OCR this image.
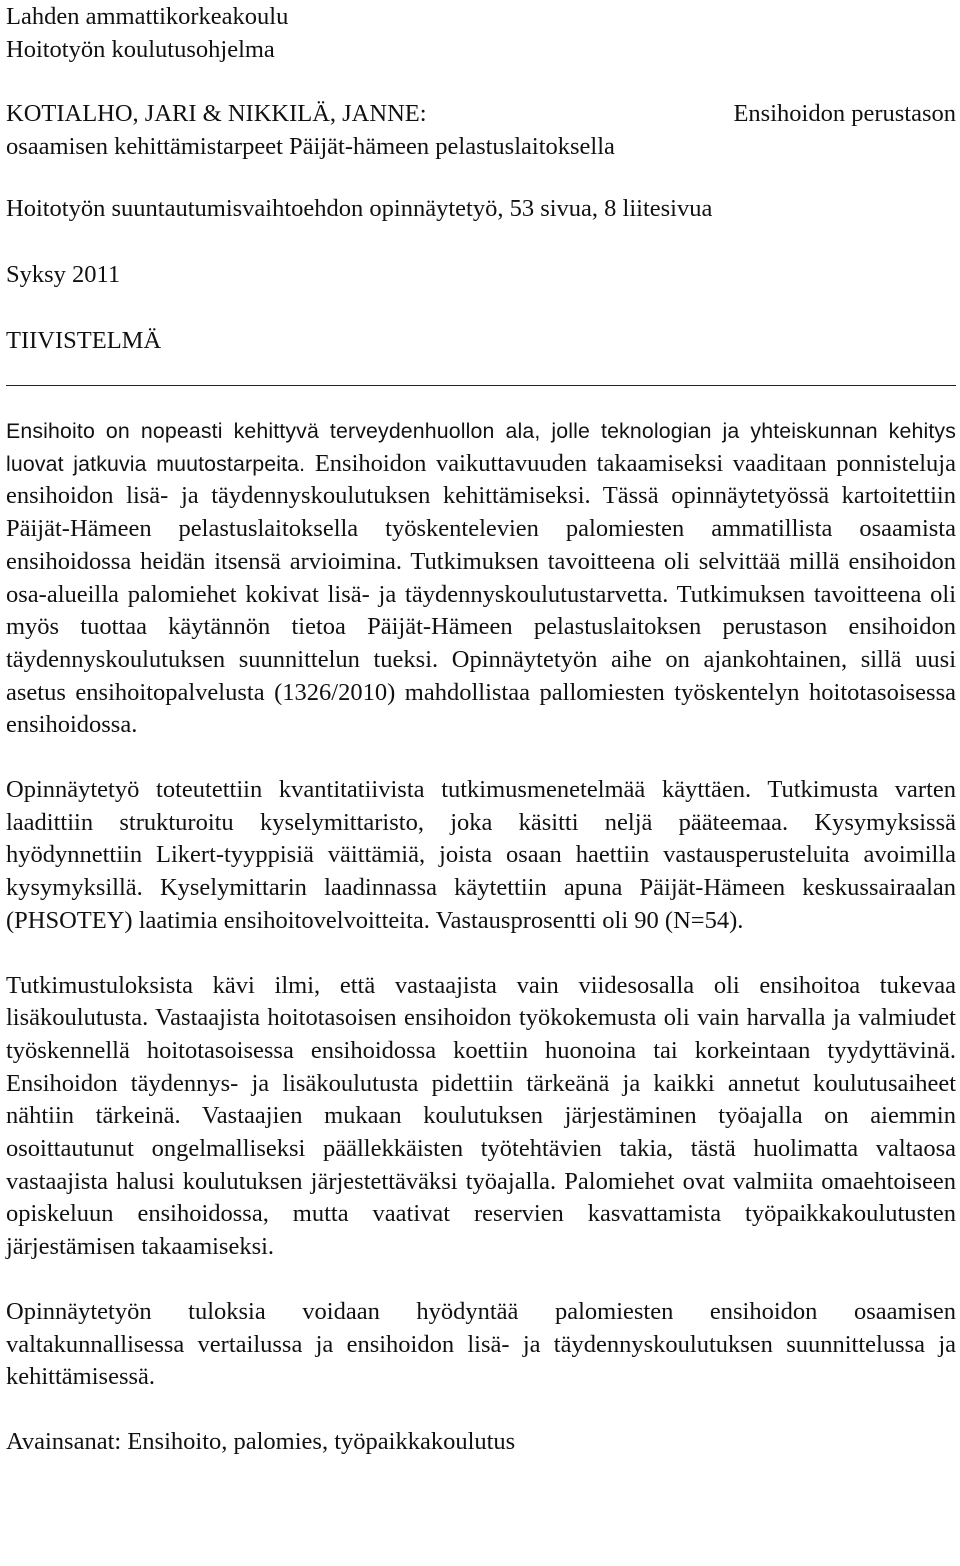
Lahden ammattikorkeakoulu
Hoitotyön koulutusohjelma
KOTIALHO, JARI & NIKKILÄ, JANNE:	Ensihoidon perustason
osaamisen kehittämistarpeet Päijät-hämeen pelastuslaitoksella
Hoitotyön suuntautumisvaihtoehdon opinnäytetyö, 53 sivua, 8 liitesivua
Syksy 2011
TIIVISTELMÄ

Ensihoito on nopeasti kehittyvä terveydenhuollon ala, jolle teknologian ja yhteiskunnan kehitys luovat jatkuvia muutostarpeita. Ensihoidon vaikuttavuuden takaamiseksi vaaditaan ponnisteluja ensihoidon lisä- ja täydennyskoulutuksen kehittämiseksi. Tässä opinnäytetyössä kartoitettiin Päijät-Hämeen pelastuslaitoksella työskentelevien palomiesten ammatillista osaamista ensihoidossa heidän itsensä arvioimina. Tutkimuksen tavoitteena oli selvittää millä ensihoidon osa-alueilla palomiehet kokivat lisä- ja täydennyskoulutustarvetta. Tutkimuksen tavoitteena oli myös tuottaa käytännön tietoa Päijät-Hämeen pelastuslaitoksen perustason ensihoidon täydennyskoulutuksen suunnittelun tueksi. Opinnäytetyön aihe on ajankohtainen, sillä uusi asetus ensihoitopalvelusta (1326/2010) mahdollistaa pallomiesten työskentelyn hoitotasoisessa ensihoidossa.

Opinnäytetyö toteutettiin kvantitatiivista tutkimusmenetelmää käyttäen. Tutkimusta varten laadittiin strukturoitu kyselymittaristo, joka käsitti neljä pääteemaa. Kysymyksissä hyödynnettiin Likert-tyyppisiä väittämiä, joista osaan haettiin vastausperusteluita avoimilla kysymyksillä. Kyselymittarin laadinnassa käytettiin apuna Päijät-Hämeen keskussairaalan (PHSOTEY) laatimia ensihoitovelvoitteita. Vastausprosentti oli 90 (N=54).

Tutkimustuloksista kävi ilmi, että vastaajista vain viidesosalla oli ensihoitoa tukevaa lisäkoulutusta. Vastaajista hoitotasoisen ensihoidon työkokemusta oli vain harvalla ja valmiudet työskennellä hoitotasoisessa ensihoidossa koettiin huonoina tai korkeintaan tyydyttävinä. Ensihoidon täydennys- ja lisäkoulutusta pidettiin tärkeänä ja kaikki annetut koulutusaiheet nähtiin tärkeinä. Vastaajien mukaan koulutuksen järjestäminen työajalla on aiemmin osoittautunut ongelmalliseksi päällekkäisten työtehtävien takia, tästä huolimatta valtaosa vastaajista halusi koulutuksen järjestettäväksi työajalla. Palomiehet ovat valmiita omaehtoiseen opiskeluun ensihoidossa, mutta vaativat reservien kasvattamista työpaikkakoulutusten järjestämisen takaamiseksi.

Opinnäytetyön tuloksia voidaan hyödyntää palomiesten ensihoidon osaamisen valtakunnallisessa vertailussa ja ensihoidon lisä- ja täydennyskoulutuksen suunnittelussa ja kehittämisessä.

Avainsanat: Ensihoito, palomies, työpaikkakoulutus
